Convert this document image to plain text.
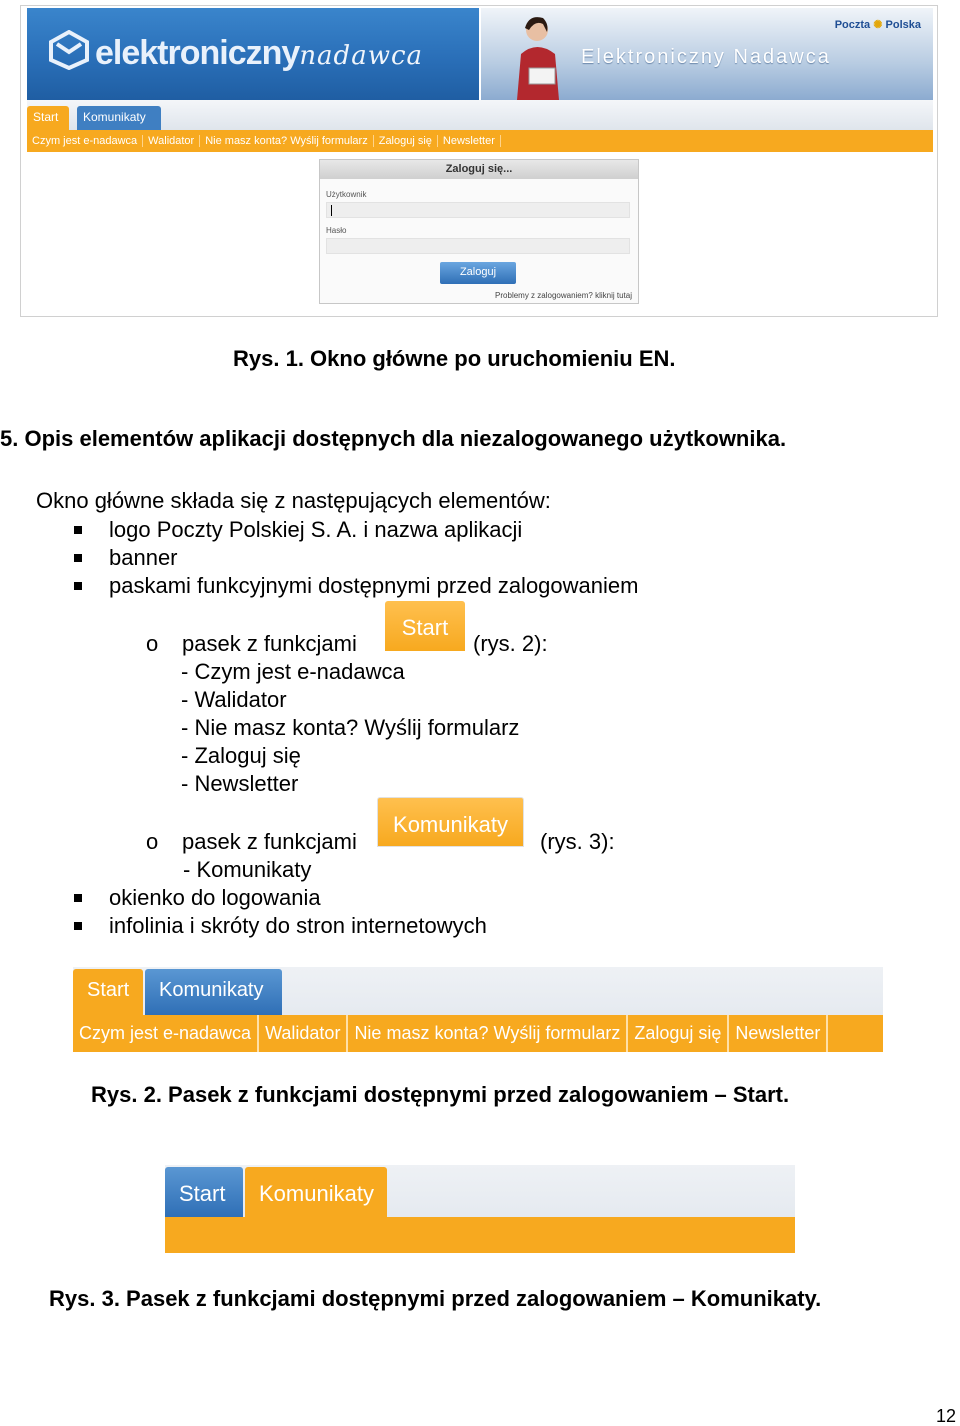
elektronicznynadawca	Elektroniczny Nadawca
Poczta ✺ Polska
Start	Komunikaty
Czym jest e-nadawca	Walidator	Nie masz konta? Wyślij formularz	Zaloguj się	Newsletter
Zaloguj się...
Użytkownik
Hasło
Zaloguj
Problemy z zalogowaniem? kliknij tutaj
Rys. 1. Okno główne po uruchomieniu EN.
5. Opis elementów aplikacji dostępnych dla niezalogowanego użytkownika.
Okno główne składa się z następujących elementów:
logo Poczty Polskiej S. A. i nazwa aplikacji
banner
paskami funkcyjnymi dostępnymi przed zalogowaniem
o pasek z funkcjami
Start
(rys. 2):
- Czym jest e-nadawca
- Walidator
- Nie masz konta? Wyślij formularz
- Zaloguj się
- Newsletter
o pasek z funkcjami
Komunikaty
(rys. 3):
- Komunikaty
okienko do logowania
infolinia i skróty do stron internetowych
Start	Komunikaty
Czym jest e-nadawca Walidator Nie masz konta? Wyślij formularz Zaloguj się Newsletter
Rys. 2. Pasek z funkcjami dostępnymi przed zalogowaniem – Start.
Start	Komunikaty
Rys. 3. Pasek z funkcjami dostępnymi przed zalogowaniem – Komunikaty.
12
